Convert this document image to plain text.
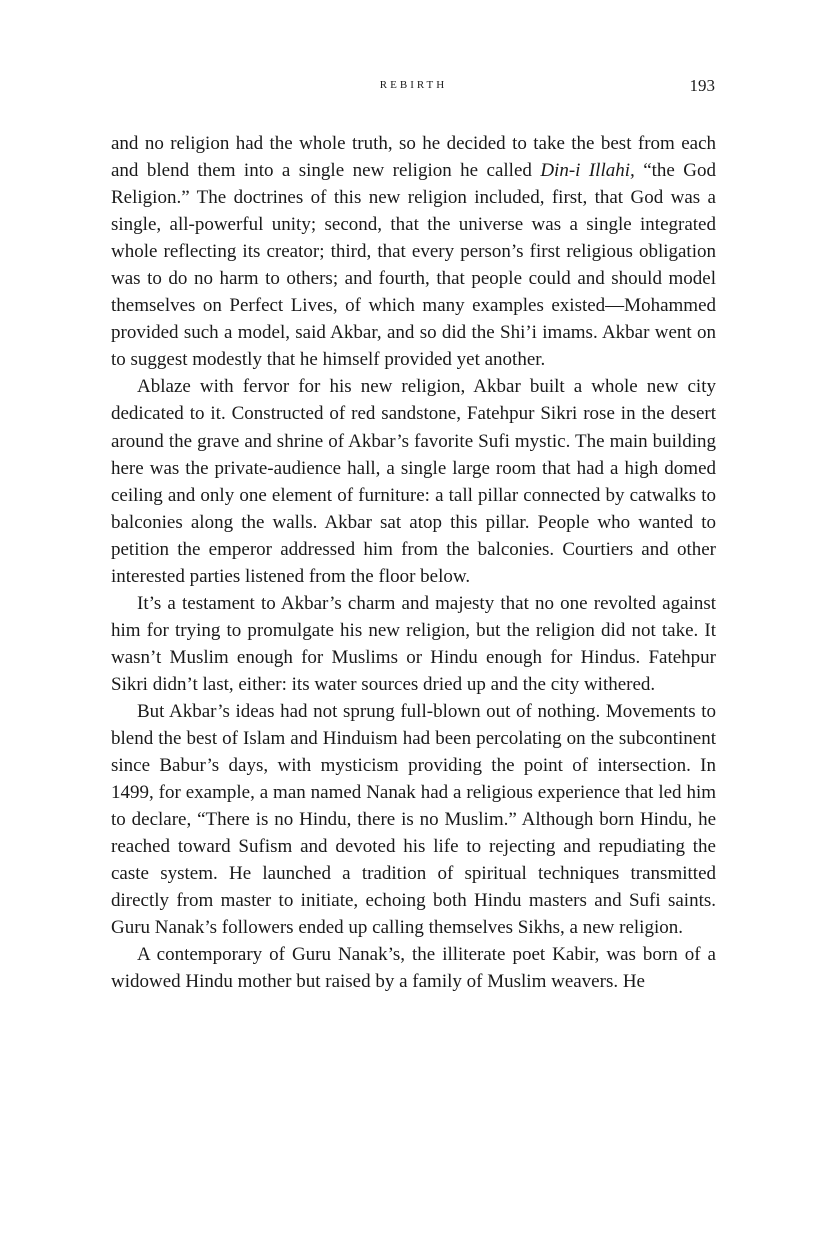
REBIRTH	193

and no religion had the whole truth, so he decided to take the best from each and blend them into a single new religion he called Din-i Illahi, “the God Religion.” The doctrines of this new religion included, first, that God was a single, all-powerful unity; second, that the universe was a single integrated whole reflecting its creator; third, that every person’s first religious obligation was to do no harm to others; and fourth, that people could and should model themselves on Perfect Lives, of which many examples existed—Mohammed provided such a model, said Akbar, and so did the Shi’i imams. Akbar went on to suggest modestly that he himself provided yet another.

Ablaze with fervor for his new religion, Akbar built a whole new city dedicated to it. Constructed of red sandstone, Fatehpur Sikri rose in the desert around the grave and shrine of Akbar’s favorite Sufi mystic. The main building here was the private-audience hall, a single large room that had a high domed ceiling and only one element of furniture: a tall pillar connected by catwalks to balconies along the walls. Akbar sat atop this pillar. People who wanted to petition the emperor addressed him from the balconies. Courtiers and other interested parties listened from the floor below.

It’s a testament to Akbar’s charm and majesty that no one revolted against him for trying to promulgate his new religion, but the religion did not take. It wasn’t Muslim enough for Muslims or Hindu enough for Hindus. Fatehpur Sikri didn’t last, either: its water sources dried up and the city withered.

But Akbar’s ideas had not sprung full-blown out of nothing. Movements to blend the best of Islam and Hinduism had been percolating on the subcontinent since Babur’s days, with mysticism providing the point of intersection. In 1499, for example, a man named Nanak had a religious experience that led him to declare, “There is no Hindu, there is no Muslim.” Although born Hindu, he reached toward Sufism and devoted his life to rejecting and repudiating the caste system. He launched a tradition of spiritual techniques transmitted directly from master to initiate, echoing both Hindu masters and Sufi saints. Guru Nanak’s followers ended up calling themselves Sikhs, a new religion.

A contemporary of Guru Nanak’s, the illiterate poet Kabir, was born of a widowed Hindu mother but raised by a family of Muslim weavers. He
